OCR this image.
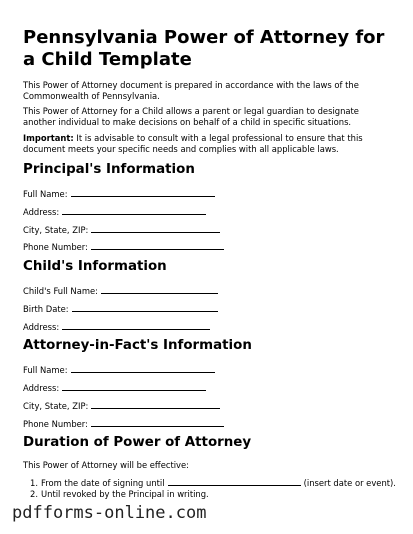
Pennsylvania Power of Attorney for a Child Template

This Power of Attorney document is prepared in accordance with the laws of the Commonwealth of Pennsylvania.

This Power of Attorney for a Child allows a parent or legal guardian to designate another individual to make decisions on behalf of a child in specific situations.

Important: It is advisable to consult with a legal professional to ensure that this document meets your specific needs and complies with all applicable laws.

Principal's Information
Full Name:
Address:
City, State, ZIP:
Phone Number:
Child's Information
Child's Full Name:
Birth Date:
Address:
Attorney-in-Fact's Information
Full Name:
Address:
City, State, ZIP:
Phone Number:
Duration of Power of Attorney

This Power of Attorney will be effective:

1. From the date of signing until	(insert date or event).
2. Until revoked by the Principal in writing.
pdfforms-online.com
